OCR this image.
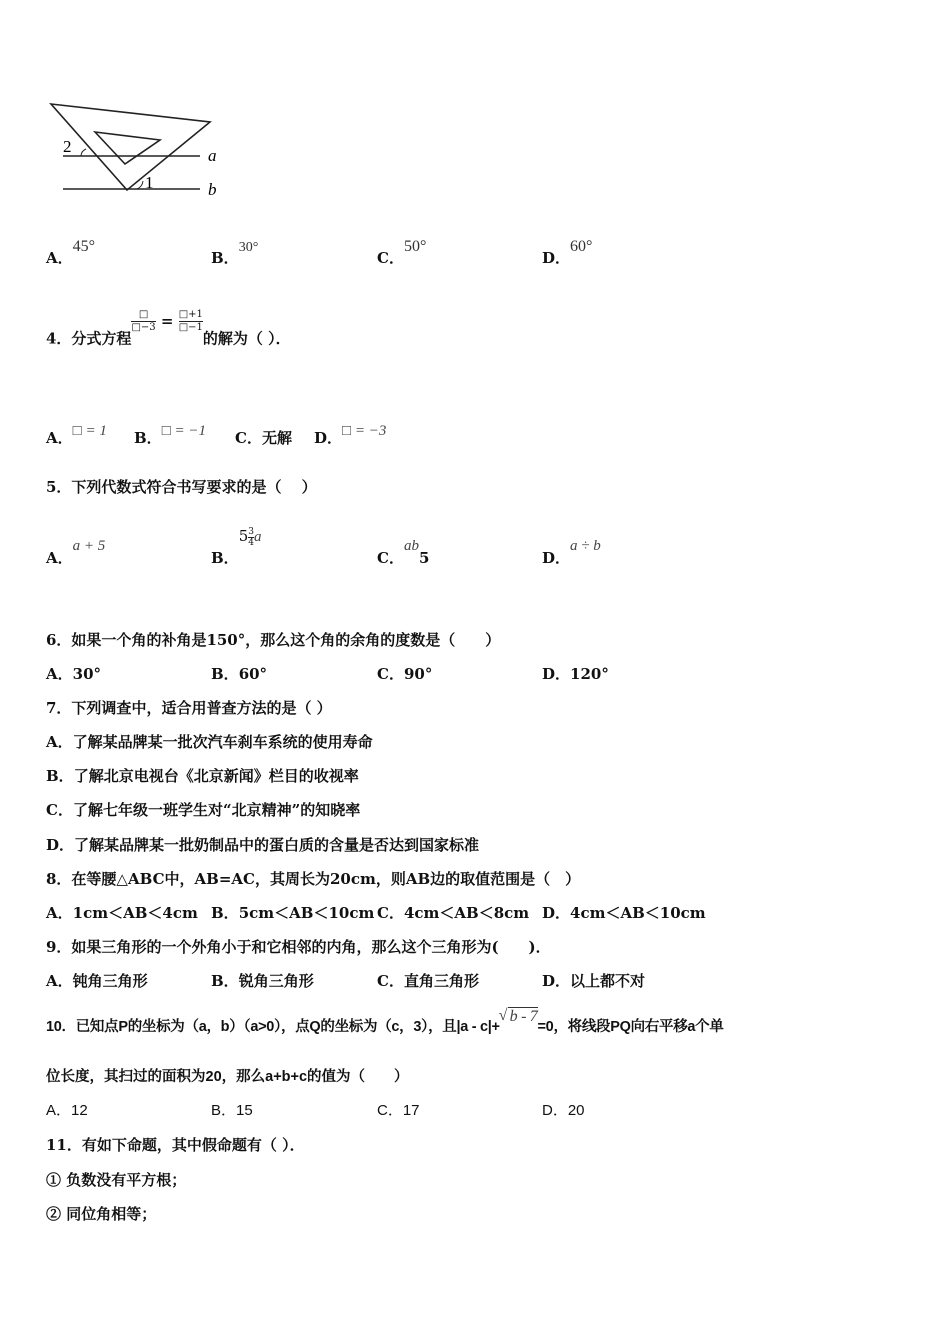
2
1
a
b
A．45°
B．30°
C．50°
D．60°
4．分式方程
$\frac{□}{□-3} = \frac{□+1}{□-1}$
的解为（ ）．
A．□ = 1 B．□ = −1 C．无解 D．□ = −3
5．下列代数式符合书写要求的是（　 ）
A．a + 5
B．$5 \frac{3}{4}$ a
C．ab5	D．a ÷ b
6．如果一个角的补角是150°，那么这个角的余角的度数是（　　）
A．30°	B．60°	C．90°	D．120°
7．下列调查中，适合用普查方法的是（ ）
A．了解某品牌某一批次汽车刹车系统的使用寿命
B．了解北京电视台《北京新闻》栏目的收视率
C．了解七年级一班学生对“北京精神”的知晓率
D．了解某品牌某一批奶制品中的蛋白质的含量是否达到国家标准
8．在等腰△ABC中，AB=AC，其周长为20cm，则AB边的取值范围是（　）
A．1cm＜AB＜4cm B．5cm＜AB＜10cm C．4cm＜AB＜8cm D．4cm＜AB＜10cm
9．如果三角形的一个外角小于和它相邻的内角，那么这个三角形为(　　)．
A．钝角三角形	B．锐角三角形	C．直角三角形	D．以上都不对
10．已知点P的坐标为（a，b）（a>0），点Q的坐标为（c，3），且|a - c|+
√ b - 7=0，将线段PQ向右平移a个单
位长度，其扫过的面积为20，那么a+b+c的值为（　　）
A．12	B．15	C．17	D．20
11．有如下命题，其中假命题有（ ）．
① 负数没有平方根；
② 同位角相等；
